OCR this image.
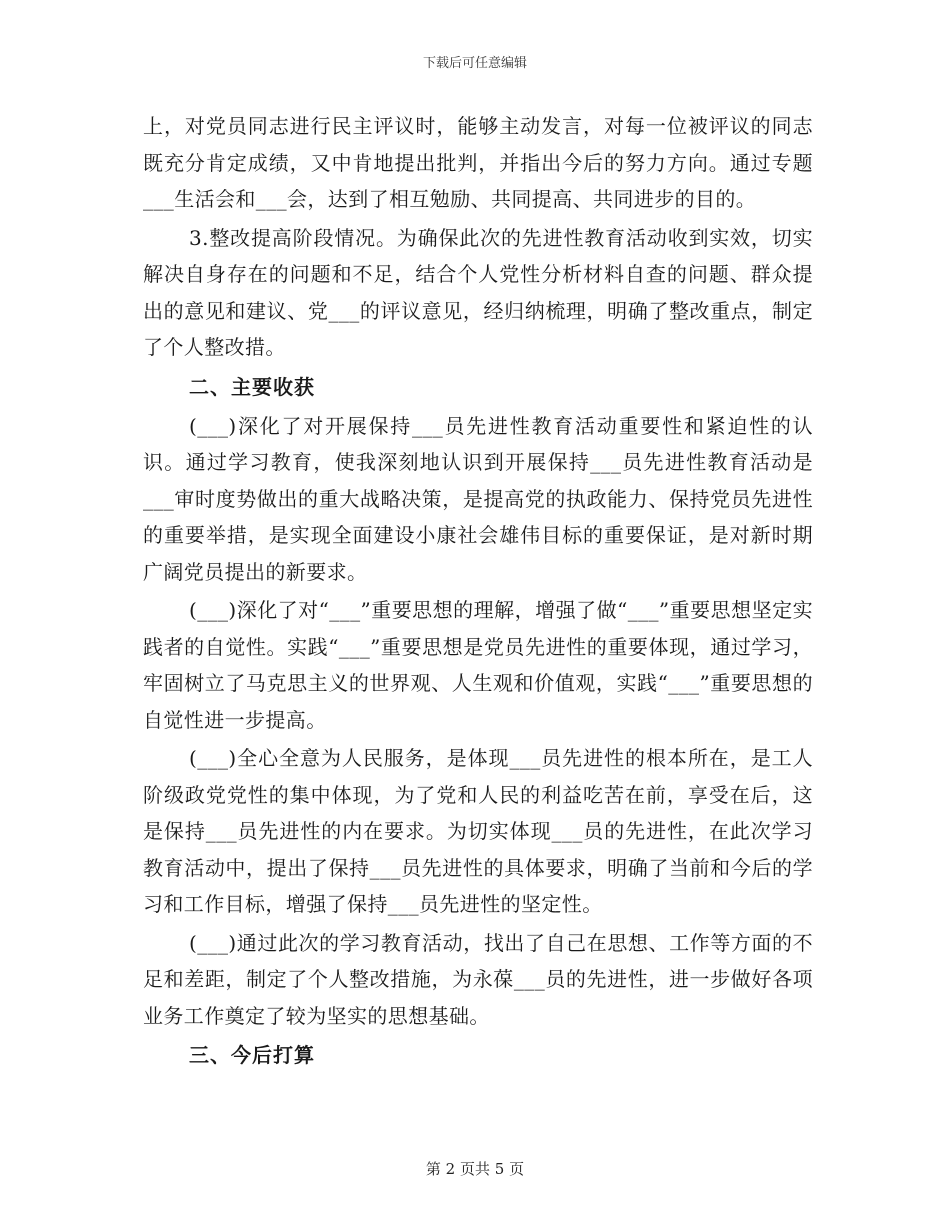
下载后可任意编辑

上，对党员同志进行民主评议时，能够主动发言，对每一位被评议的同志既充分肯定成绩，又中肯地提出批判，并指出今后的努力方向。通过专题___生活会和___会，达到了相互勉励、共同提高、共同进步的目的。

3.整改提高阶段情况。为确保此次的先进性教育活动收到实效，切实解决自身存在的问题和不足，结合个人党性分析材料自查的问题、群众提出的意见和建议、党___的评议意见，经归纳梳理，明确了整改重点，制定了个人整改措。

二、主要收获

(___)深化了对开展保持___员先进性教育活动重要性和紧迫性的认识。通过学习教育，使我深刻地认识到开展保持___员先进性教育活动是___审时度势做出的重大战略决策，是提高党的执政能力、保持党员先进性的重要举措，是实现全面建设小康社会雄伟目标的重要保证，是对新时期广阔党员提出的新要求。

(___)深化了对“___”重要思想的理解，增强了做“___”重要思想坚定实践者的自觉性。实践“___”重要思想是党员先进性的重要体现，通过学习，牢固树立了马克思主义的世界观、人生观和价值观，实践“___”重要思想的自觉性进一步提高。

(___)全心全意为人民服务，是体现___员先进性的根本所在，是工人阶级政党党性的集中体现，为了党和人民的利益吃苦在前，享受在后，这是保持___员先进性的内在要求。为切实体现___员的先进性，在此次学习教育活动中，提出了保持___员先进性的具体要求，明确了当前和今后的学习和工作目标，增强了保持___员先进性的坚定性。

(___)通过此次的学习教育活动，找出了自己在思想、工作等方面的不足和差距，制定了个人整改措施，为永葆___员的先进性，进一步做好各项业务工作奠定了较为坚实的思想基础。

三、今后打算
第 2 页共 5 页
